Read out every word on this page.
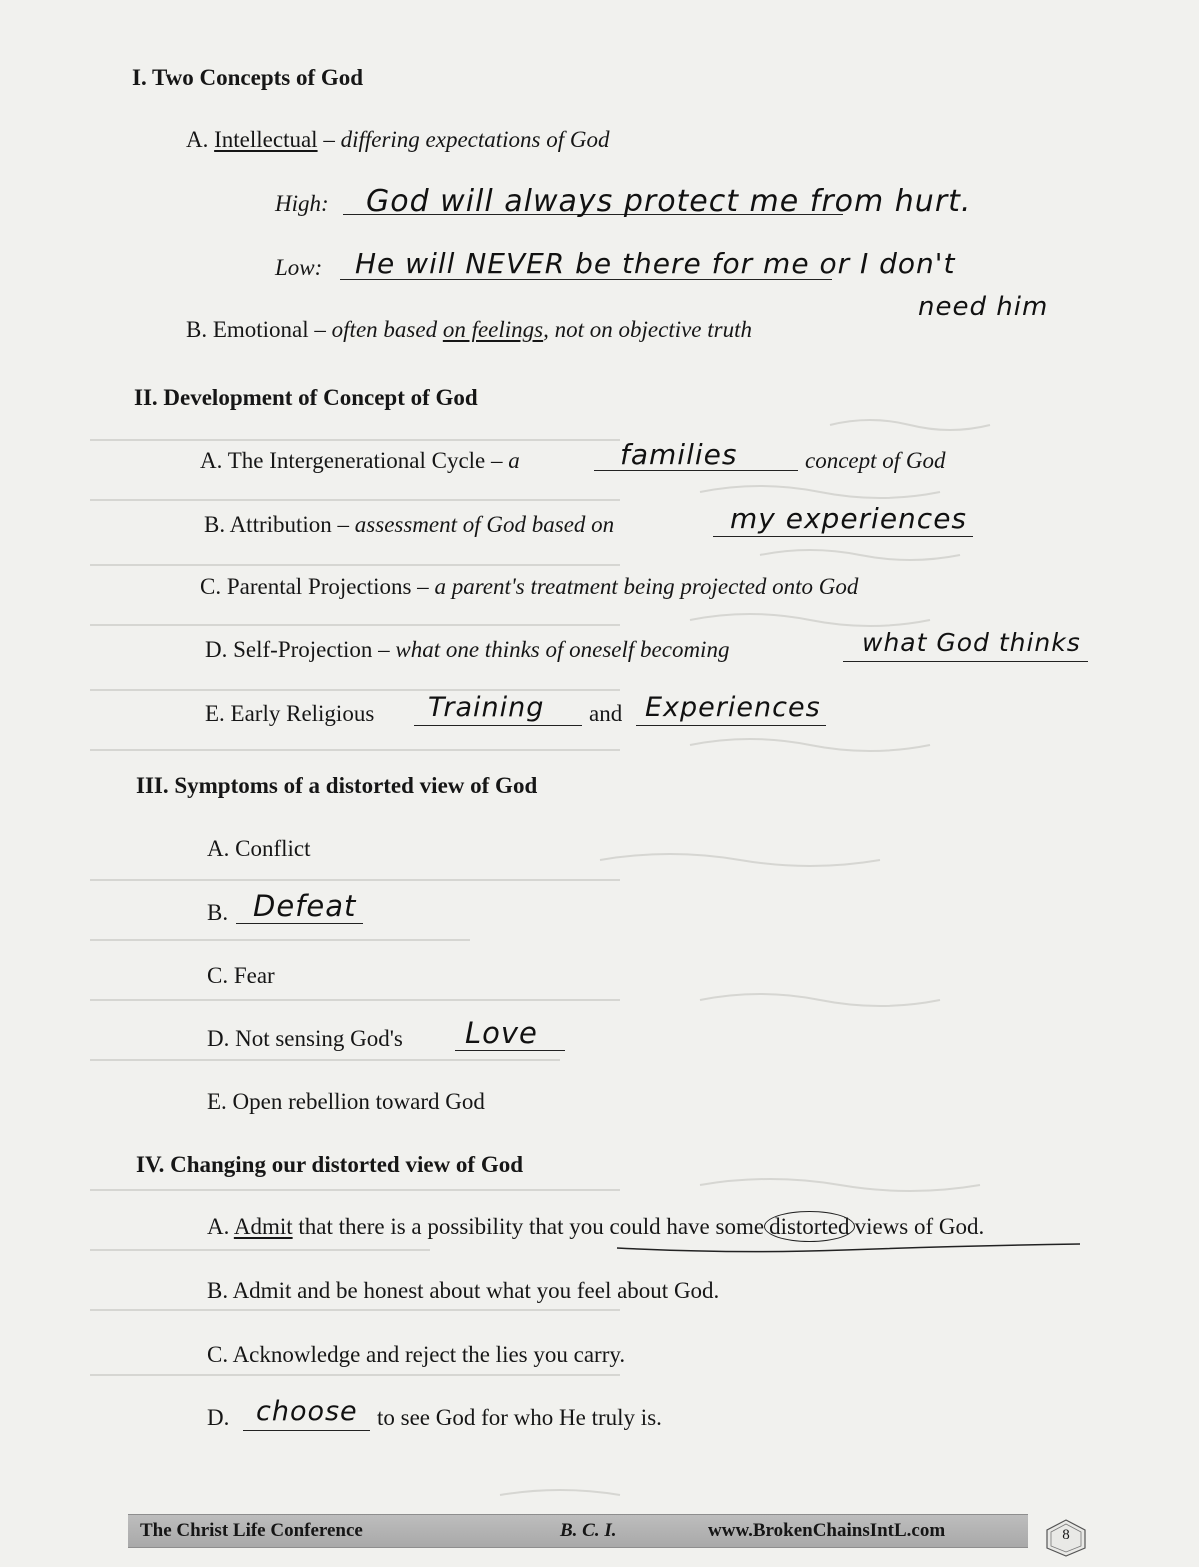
I. Two Concepts of God
A. Intellectual – differing expectations of God
High: God will always protect me from hurt.
Low: He will NEVER be there for me or I don't
need him
B. Emotional – often based on feelings, not on objective truth
II. Development of Concept of God
A. The Intergenerational Cycle – a	families	concept of God
B. Attribution – assessment of God based on	my experiences
C. Parental Projections – a parent's treatment being projected onto God
D. Self-Projection – what one thinks of oneself becoming	what God thinks
E. Early Religious Training and Experiences
III. Symptoms of a distorted view of God
A. Conflict
B. Defeat
C. Fear
D. Not sensing God's Love
E. Open rebellion toward God
IV. Changing our distorted view of God
A. Admit that there is a possibility that you could have some distorted views of God.
B. Admit and be honest about what you feel about God.
C. Acknowledge and reject the lies you carry.
D. choose to see God for who He truly is.
The Christ Life Conference	B. C. I.	www.BrokenChainsIntL.com	8
